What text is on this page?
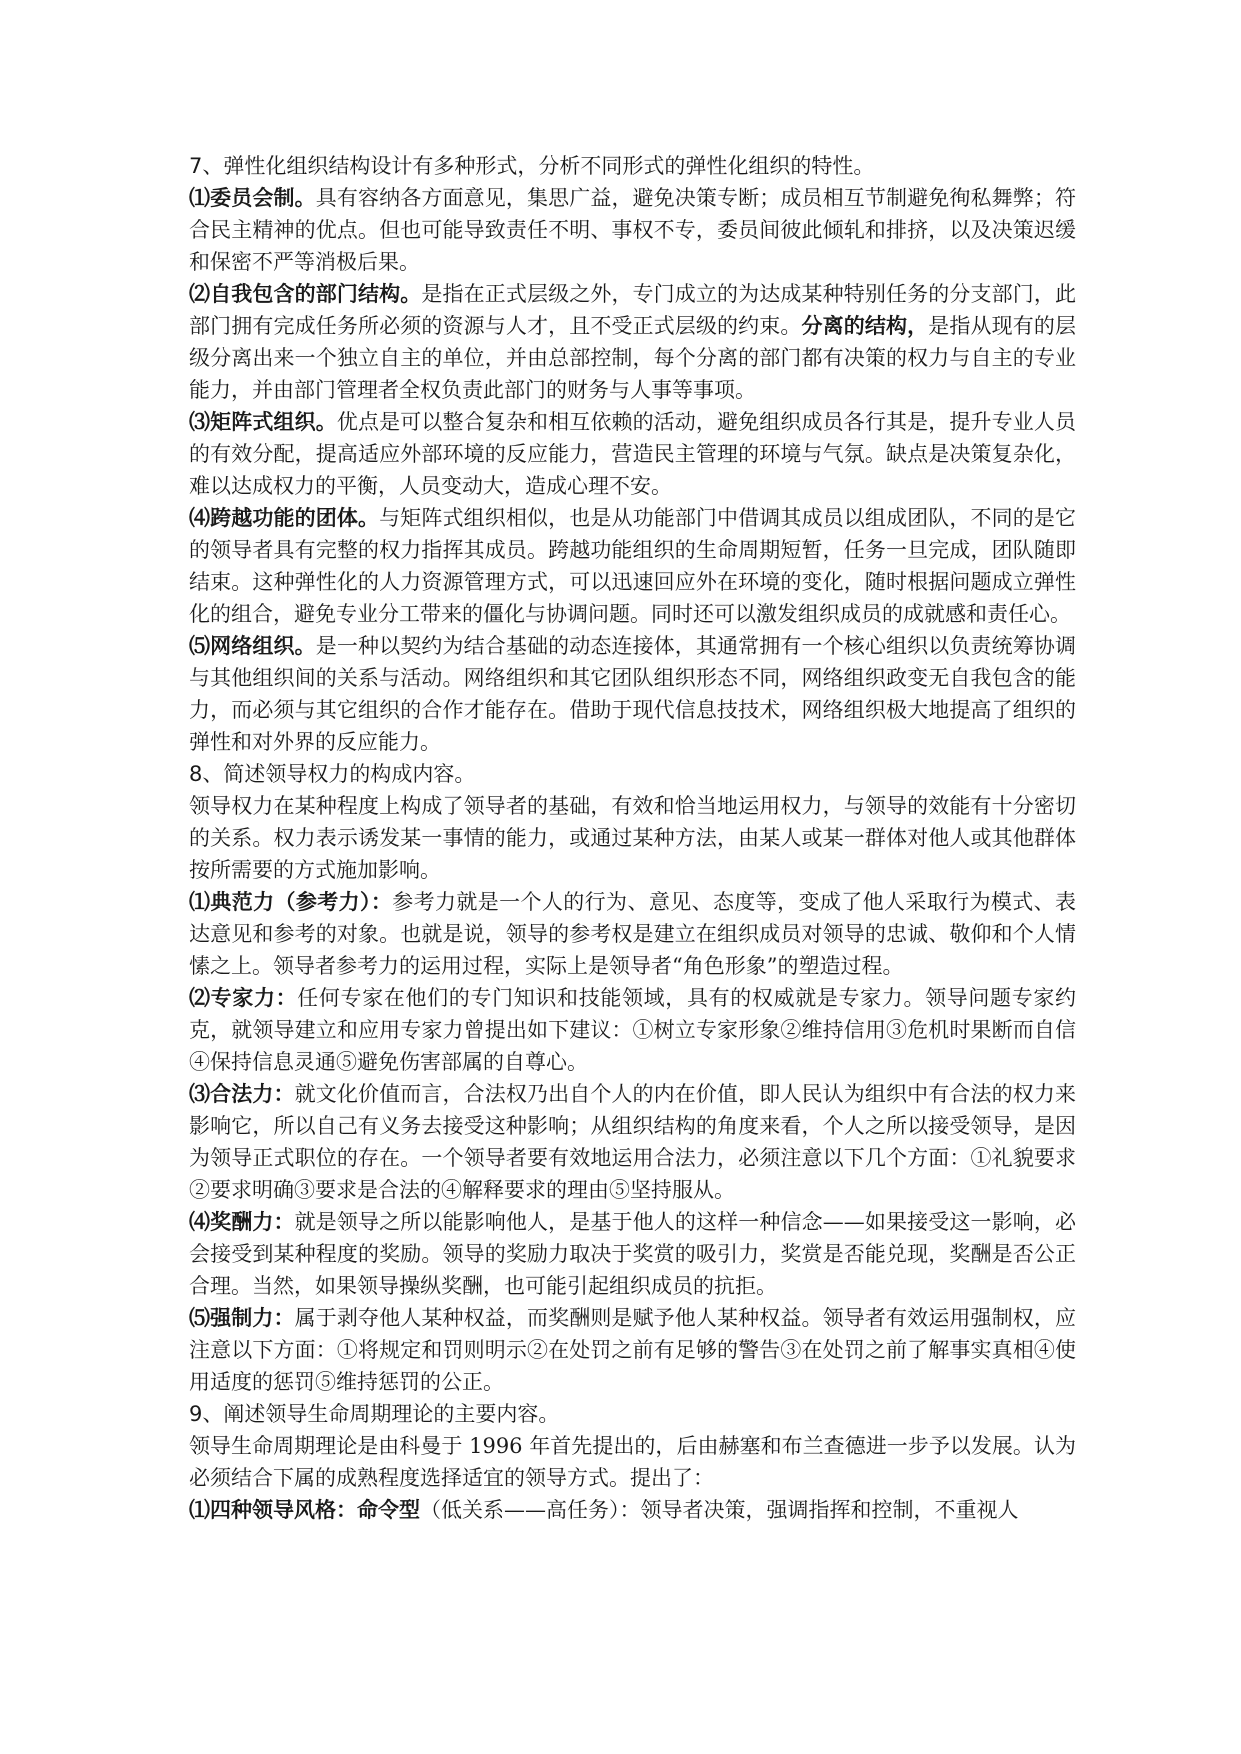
7、弹性化组织结构设计有多种形式，分析不同形式的弹性化组织的特性。

⑴委员会制。具有容纳各方面意见，集思广益，避免决策专断；成员相互节制避免徇私舞弊；符合民主精神的优点。但也可能导致责任不明、事权不专，委员间彼此倾轧和排挤，以及决策迟缓和保密不严等消极后果。

⑵自我包含的部门结构。是指在正式层级之外，专门成立的为达成某种特别任务的分支部门，此部门拥有完成任务所必须的资源与人才，且不受正式层级的约束。分离的结构，是指从现有的层级分离出来一个独立自主的单位，并由总部控制，每个分离的部门都有决策的权力与自主的专业能力，并由部门管理者全权负责此部门的财务与人事等事项。

⑶矩阵式组织。优点是可以整合复杂和相互依赖的活动，避免组织成员各行其是，提升专业人员的有效分配，提高适应外部环境的反应能力，营造民主管理的环境与气氛。缺点是决策复杂化，难以达成权力的平衡，人员变动大，造成心理不安。

⑷跨越功能的团体。与矩阵式组织相似，也是从功能部门中借调其成员以组成团队，不同的是它的领导者具有完整的权力指挥其成员。跨越功能组织的生命周期短暂，任务一旦完成，团队随即结束。这种弹性化的人力资源管理方式，可以迅速回应外在环境的变化，随时根据问题成立弹性化的组合，避免专业分工带来的僵化与协调问题。同时还可以激发组织成员的成就感和责任心。

⑸网络组织。是一种以契约为结合基础的动态连接体，其通常拥有一个核心组织以负责统筹协调与其他组织间的关系与活动。网络组织和其它团队组织形态不同，网络组织政变无自我包含的能力，而必须与其它组织的合作才能存在。借助于现代信息技技术，网络组织极大地提高了组织的弹性和对外界的反应能力。

8、简述领导权力的构成内容。

领导权力在某种程度上构成了领导者的基础，有效和恰当地运用权力，与领导的效能有十分密切的关系。权力表示诱发某一事情的能力，或通过某种方法，由某人或某一群体对他人或其他群体按所需要的方式施加影响。

⑴典范力（参考力）：参考力就是一个人的行为、意见、态度等，变成了他人采取行为模式、表达意见和参考的对象。也就是说，领导的参考权是建立在组织成员对领导的忠诚、敬仰和个人情愫之上。领导者参考力的运用过程，实际上是领导者“角色形象”的塑造过程。

⑵专家力：任何专家在他们的专门知识和技能领域，具有的权威就是专家力。领导问题专家约克，就领导建立和应用专家力曾提出如下建议：①树立专家形象②维持信用③危机时果断而自信④保持信息灵通⑤避免伤害部属的自尊心。

⑶合法力：就文化价值而言，合法权乃出自个人的内在价值，即人民认为组织中有合法的权力来影响它，所以自己有义务去接受这种影响；从组织结构的角度来看，个人之所以接受领导，是因为领导正式职位的存在。一个领导者要有效地运用合法力，必须注意以下几个方面：①礼貌要求②要求明确③要求是合法的④解释要求的理由⑤坚持服从。

⑷奖酬力：就是领导之所以能影响他人，是基于他人的这样一种信念——如果接受这一影响，必会接受到某种程度的奖励。领导的奖励力取决于奖赏的吸引力，奖赏是否能兑现，奖酬是否公正合理。当然，如果领导操纵奖酬，也可能引起组织成员的抗拒。

⑸强制力：属于剥夺他人某种权益，而奖酬则是赋予他人某种权益。领导者有效运用强制权，应注意以下方面：①将规定和罚则明示②在处罚之前有足够的警告③在处罚之前了解事实真相④使用适度的惩罚⑤维持惩罚的公正。

9、阐述领导生命周期理论的主要内容。

领导生命周期理论是由科曼于 1996 年首先提出的，后由赫塞和布兰查德进一步予以发展。认为必须结合下属的成熟程度选择适宜的领导方式。提出了：

⑴四种领导风格：命令型（低关系——高任务）：领导者决策，强调指挥和控制，不重视人
